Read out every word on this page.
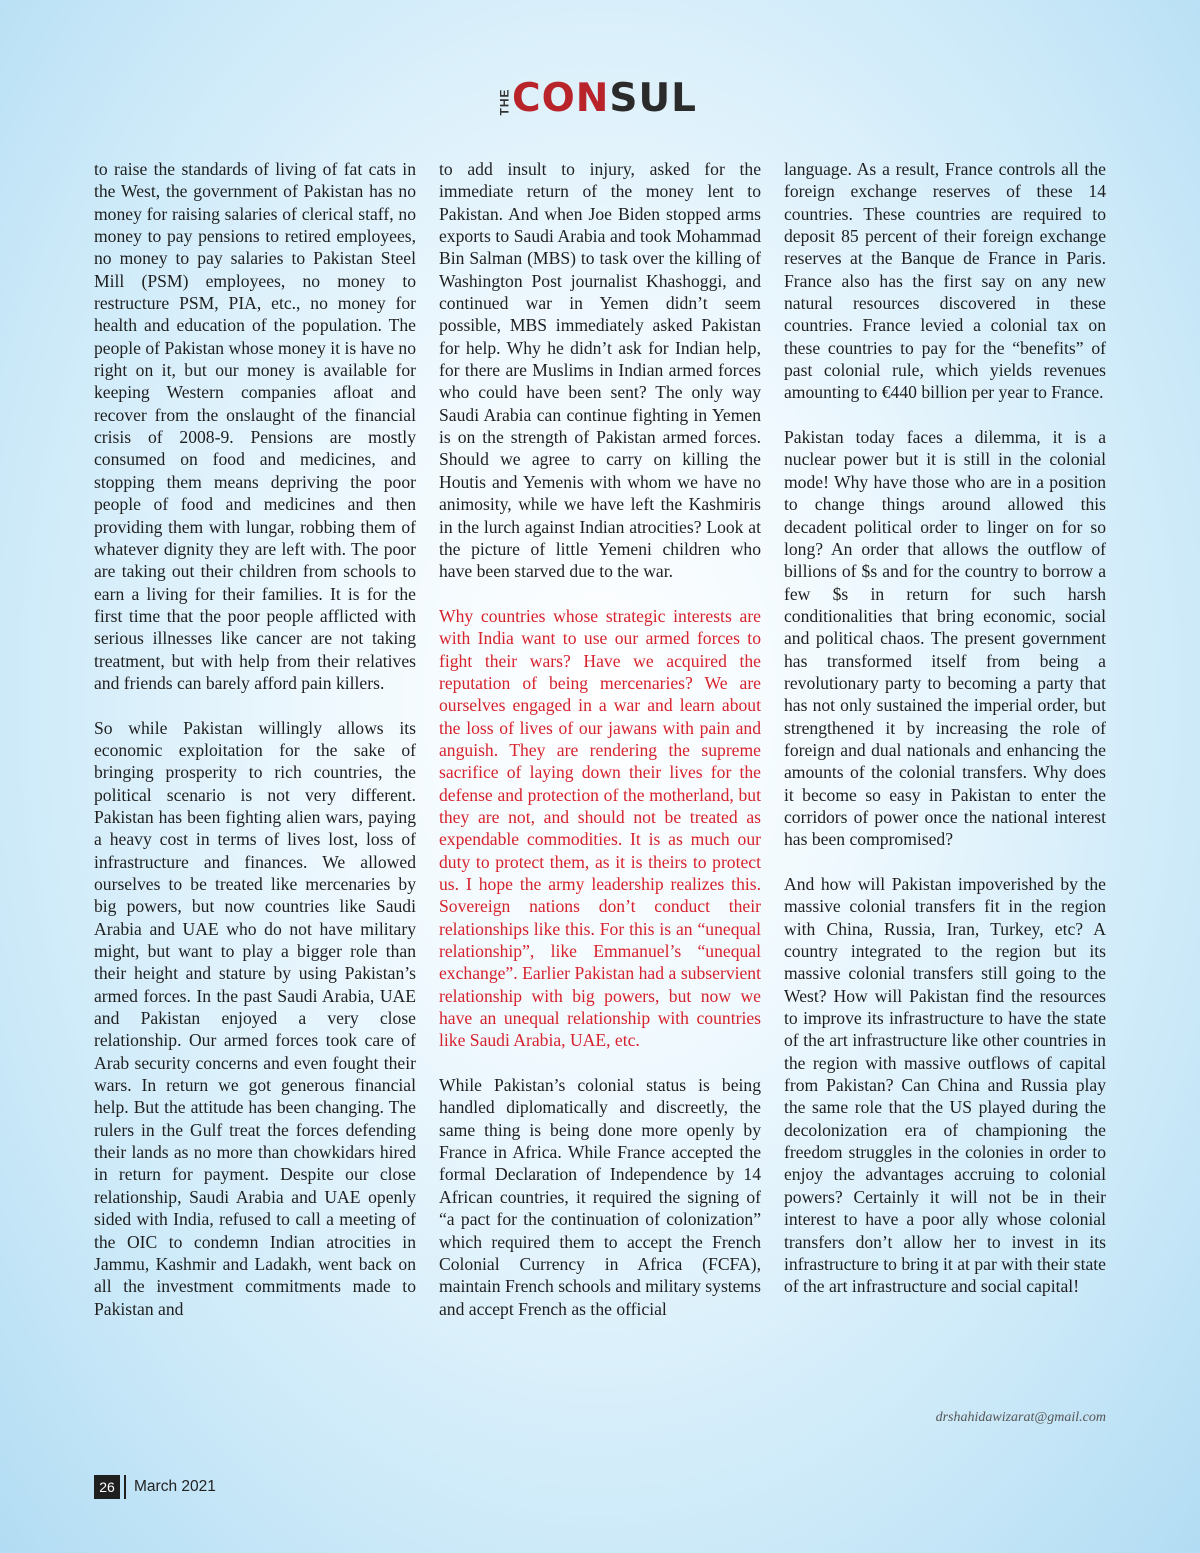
THE CONSUL

to raise the standards of living of fat cats in the West, the government of Pakistan has no money for raising salaries of clerical staff, no money to pay pensions to retired employees, no money to pay salaries to Pakistan Steel Mill (PSM) employees, no money to restructure PSM, PIA, etc., no money for health and education of the population. The people of Pakistan whose money it is have no right on it, but our money is available for keeping Western companies afloat and recover from the onslaught of the financial crisis of 2008-9. Pensions are mostly consumed on food and medicines, and stopping them means depriving the poor people of food and medicines and then providing them with lungar, robbing them of whatever dignity they are left with. The poor are taking out their children from schools to earn a living for their families. It is for the first time that the poor people afflicted with serious illnesses like cancer are not taking treatment, but with help from their relatives and friends can barely afford pain killers.

So while Pakistan willingly allows its economic exploitation for the sake of bringing prosperity to rich countries, the political scenario is not very different. Pakistan has been fighting alien wars, paying a heavy cost in terms of lives lost, loss of infrastructure and finances. We allowed ourselves to be treated like mercenaries by big powers, but now countries like Saudi Arabia and UAE who do not have military might, but want to play a bigger role than their height and stature by using Pakistan’s armed forces. In the past Saudi Arabia, UAE and Pakistan enjoyed a very close relationship. Our armed forces took care of Arab security concerns and even fought their wars. In return we got generous financial help. But the attitude has been changing. The rulers in the Gulf treat the forces defending their lands as no more than chowkidars hired in return for payment. Despite our close relationship, Saudi Arabia and UAE openly sided with India, refused to call a meeting of the OIC to condemn Indian atrocities in Jammu, Kashmir and Ladakh, went back on all the investment commitments made to Pakistan and

to add insult to injury, asked for the immediate return of the money lent to Pakistan. And when Joe Biden stopped arms exports to Saudi Arabia and took Mohammad Bin Salman (MBS) to task over the killing of Washington Post journalist Khashoggi, and continued war in Yemen didn’t seem possible, MBS immediately asked Pakistan for help. Why he didn’t ask for Indian help, for there are Muslims in Indian armed forces who could have been sent? The only way Saudi Arabia can continue fighting in Yemen is on the strength of Pakistan armed forces. Should we agree to carry on killing the Houtis and Yemenis with whom we have no animosity, while we have left the Kashmiris in the lurch against Indian atrocities? Look at the picture of little Yemeni children who have been starved due to the war.

Why countries whose strategic interests are with India want to use our armed forces to fight their wars? Have we acquired the reputation of being mercenaries? We are ourselves engaged in a war and learn about the loss of lives of our jawans with pain and anguish. They are rendering the supreme sacrifice of laying down their lives for the defense and protection of the motherland, but they are not, and should not be treated as expendable commodities. It is as much our duty to protect them, as it is theirs to protect us. I hope the army leadership realizes this. Sovereign nations don’t conduct their relationships like this. For this is an “unequal relationship”, like Emmanuel’s “unequal exchange”. Earlier Pakistan had a subservient relationship with big powers, but now we have an unequal relationship with countries like Saudi Arabia, UAE, etc.

While Pakistan’s colonial status is being handled diplomatically and discreetly, the same thing is being done more openly by France in Africa. While France accepted the formal Declaration of Independence by 14 African countries, it required the signing of “a pact for the continuation of colonization” which required them to accept the French Colonial Currency in Africa (FCFA), maintain French schools and military systems and accept French as the official

language. As a result, France controls all the foreign exchange reserves of these 14 countries. These countries are required to deposit 85 percent of their foreign exchange reserves at the Banque de France in Paris. France also has the first say on any new natural resources discovered in these countries. France levied a colonial tax on these countries to pay for the “benefits” of past colonial rule, which yields revenues amounting to €440 billion per year to France.

Pakistan today faces a dilemma, it is a nuclear power but it is still in the colonial mode! Why have those who are in a position to change things around allowed this decadent political order to linger on for so long? An order that allows the outflow of billions of $s and for the country to borrow a few $s in return for such harsh conditionalities that bring economic, social and political chaos. The present government has transformed itself from being a revolutionary party to becoming a party that has not only sustained the imperial order, but strengthened it by increasing the role of foreign and dual nationals and enhancing the amounts of the colonial transfers. Why does it become so easy in Pakistan to enter the corridors of power once the national interest has been compromised?

And how will Pakistan impoverished by the massive colonial transfers fit in the region with China, Russia, Iran, Turkey, etc? A country integrated to the region but its massive colonial transfers still going to the West? How will Pakistan find the resources to improve its infrastructure to have the state of the art infrastructure like other countries in the region with massive outflows of capital from Pakistan? Can China and Russia play the same role that the US played during the decolonization era of championing the freedom struggles in the colonies in order to enjoy the advantages accruing to colonial powers? Certainly it will not be in their interest to have a poor ally whose colonial transfers don’t allow her to invest in its infrastructure to bring it at par with their state of the art infrastructure and social capital!

drshahidawizarat@gmail.com
26	March 2021
